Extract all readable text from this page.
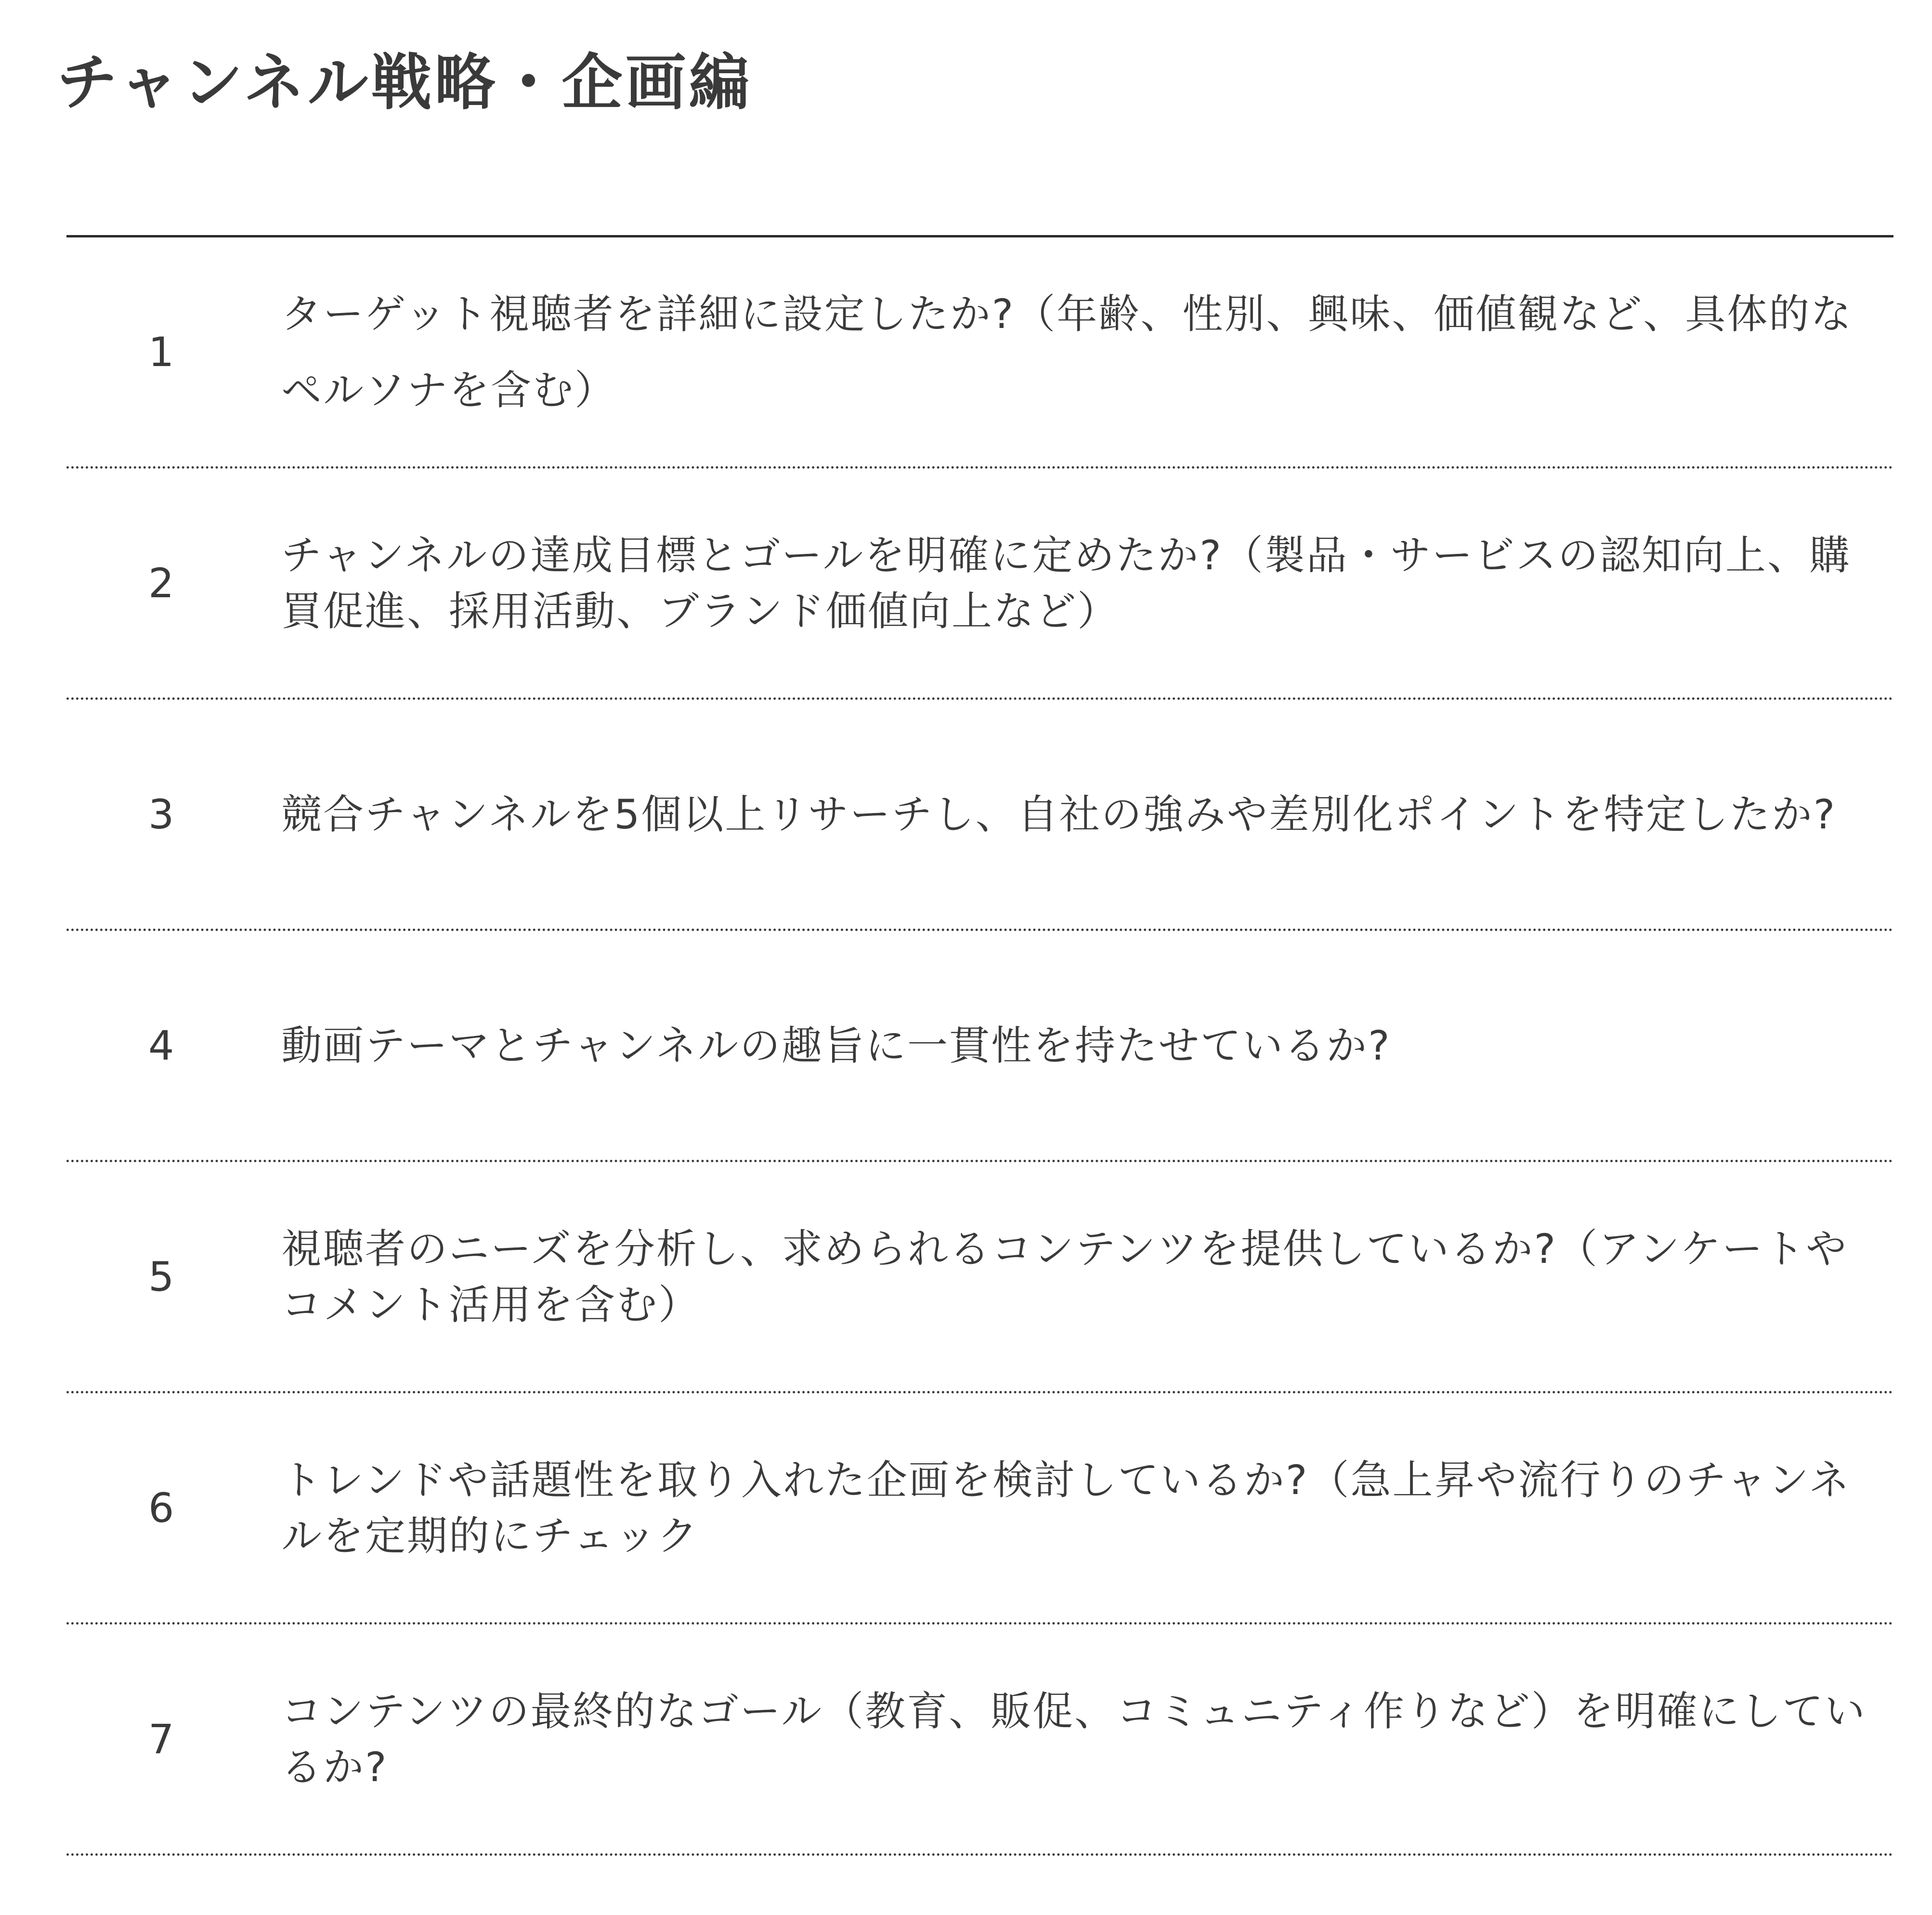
チャンネル戦略・企画編
1
ターゲット視聴者を詳細に設定したか?（年齢、性別、興味、価値観など、具体的なペルソナを含む）
2
チャンネルの達成目標とゴールを明確に定めたか?（製品・サービスの認知向上、購買促進、採用活動、ブランド価値向上など）
3	競合チャンネルを5個以上リサーチし、自社の強みや差別化ポイントを特定したか?
4	動画テーマとチャンネルの趣旨に一貫性を持たせているか?
5
視聴者のニーズを分析し、求められるコンテンツを提供しているか?（アンケートやコメント活用を含む）
6
トレンドや話題性を取り入れた企画を検討しているか?（急上昇や流行りのチャンネルを定期的にチェック
7
コンテンツの最終的なゴール（教育、販促、コミュニティ作りなど）を明確にしているか?
